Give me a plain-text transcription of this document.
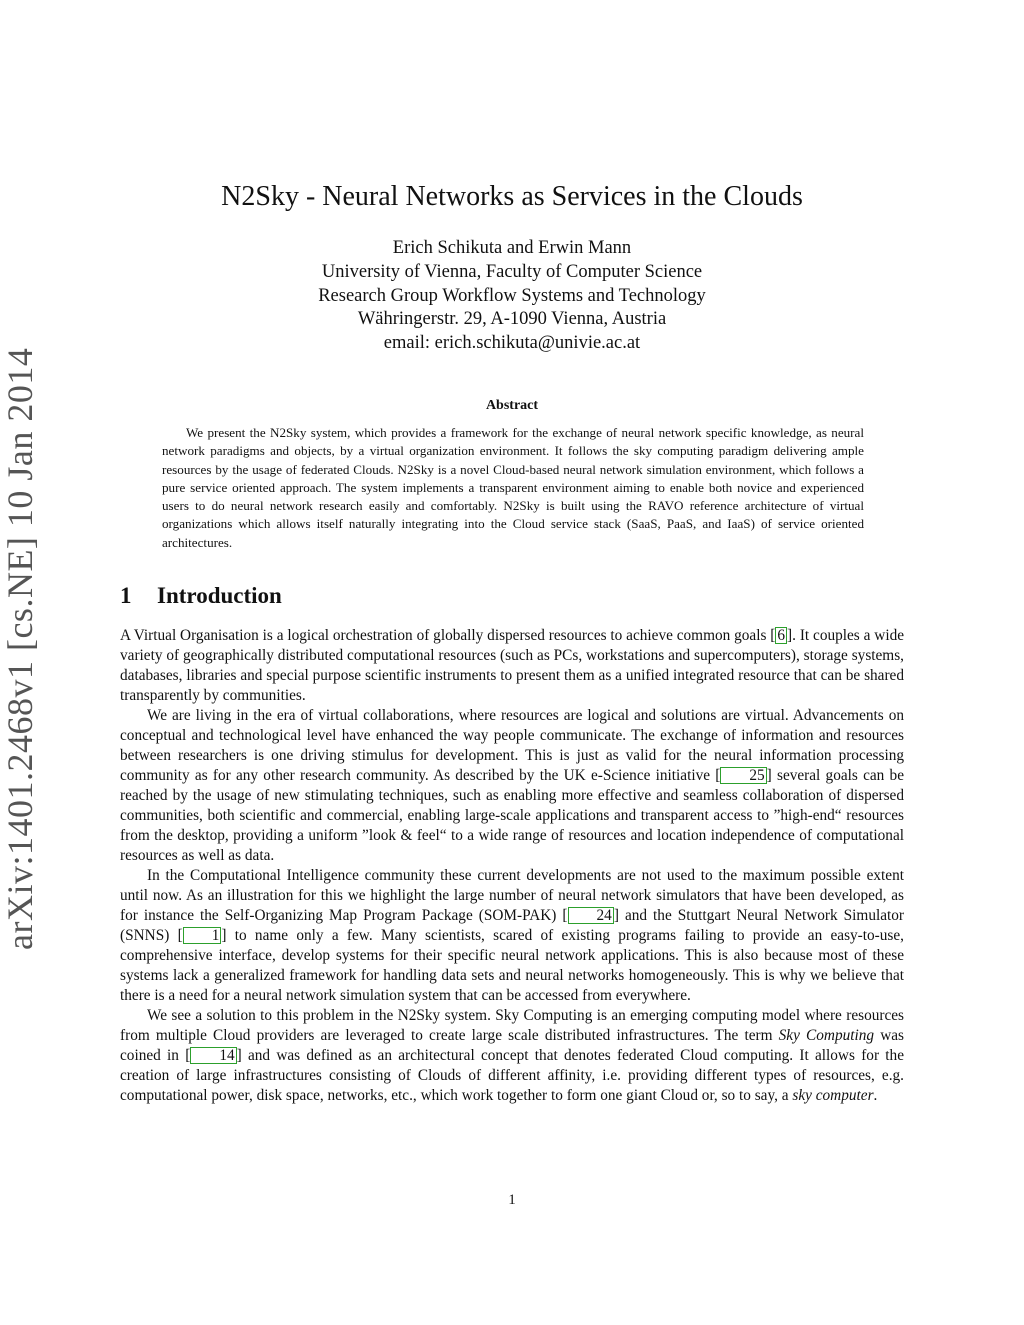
arXiv:1401.2468v1 [cs.NE] 10 Jan 2014
N2Sky - Neural Networks as Services in the Clouds
Erich Schikuta and Erwin Mann
University of Vienna, Faculty of Computer Science
Research Group Workflow Systems and Technology
Währingerstr. 29, A-1090 Vienna, Austria
email: erich.schikuta@univie.ac.at
Abstract
We present the N2Sky system, which provides a framework for the exchange of neural network specific knowledge, as neural network paradigms and objects, by a virtual organization environment. It follows the sky computing paradigm delivering ample resources by the usage of federated Clouds. N2Sky is a novel Cloud-based neural network simulation environment, which follows a pure service oriented approach. The system implements a transparent environment aiming to enable both novice and experienced users to do neural network research easily and comfortably. N2Sky is built using the RAVO reference architecture of virtual organizations which allows itself naturally integrating into the Cloud service stack (SaaS, PaaS, and IaaS) of service oriented architectures.
1 Introduction

A Virtual Organisation is a logical orchestration of globally dispersed resources to achieve common goals [ 6 ]. It couples a wide variety of geographically distributed computational resources (such as PCs, workstations and supercomputers), storage systems, databases, libraries and special purpose scientific instruments to present them as a unified integrated resource that can be shared transparently by communities.

We are living in the era of virtual collaborations, where resources are logical and solutions are virtual. Advancements on conceptual and technological level have enhanced the way people communicate. The exchange of information and resources between researchers is one driving stimulus for development. This is just as valid for the neural information processing community as for any other research community. As described by the UK e-Science initiative [ 25 ] several goals can be reached by the usage of new stimulating techniques, such as enabling more effective and seamless collaboration of dispersed communities, both scientific and commercial, enabling large-scale applications and transparent access to ”high-end“ resources from the desktop, providing a uniform ”look & feel“ to a wide range of resources and location independence of computational resources as well as data.

In the Computational Intelligence community these current developments are not used to the maximum possible extent until now. As an illustration for this we highlight the large number of neural network simulators that have been developed, as for instance the Self-Organizing Map Program Package (SOM-PAK) [ 24 ] and the Stuttgart Neural Network Simulator (SNNS) [ 1 ] to name only a few. Many scientists, scared of existing programs failing to provide an easy-to-use, comprehensive interface, develop systems for their specific neural network applications. This is also because most of these systems lack a generalized framework for handling data sets and neural networks homogeneously. This is why we believe that there is a need for a neural network simulation system that can be accessed from everywhere.

We see a solution to this problem in the N2Sky system. Sky Computing is an emerging computing model where resources from multiple Cloud providers are leveraged to create large scale distributed infrastructures. The term Sky Computing was coined in [ 14 ] and was defined as an architectural concept that denotes federated Cloud computing. It allows for the creation of large infrastructures consisting of Clouds of different affinity, i.e. providing different types of resources, e.g. computational power, disk space, networks, etc., which work together to form one giant Cloud or, so to say, a sky computer.

1
